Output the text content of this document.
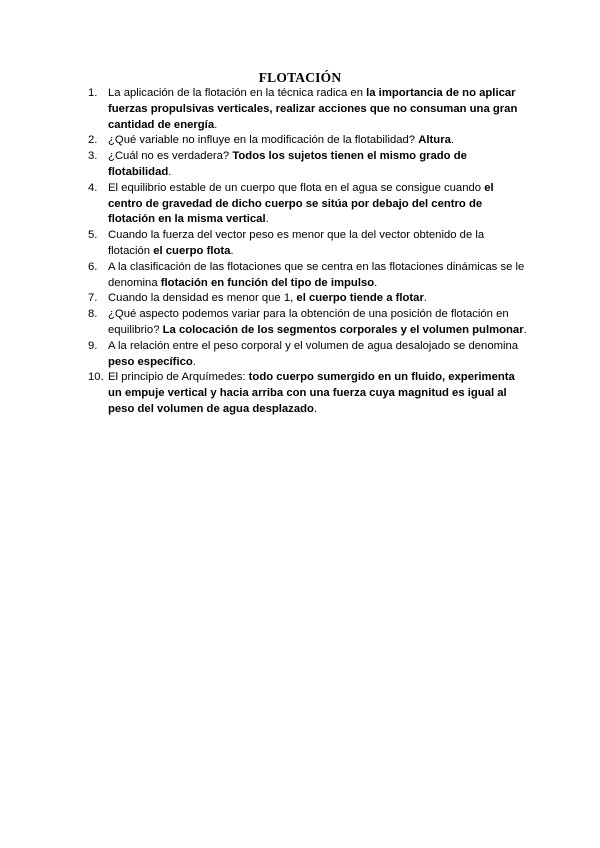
FLOTACIÓN
1. La aplicación de la flotación en la técnica radica en la importancia de no aplicar fuerzas propulsivas verticales, realizar acciones que no consuman una gran cantidad de energía.
2. ¿Qué variable no influye en la modificación de la flotabilidad? Altura.
3. ¿Cuál no es verdadera? Todos los sujetos tienen el mismo grado de flotabilidad.
4. El equilibrio estable de un cuerpo que flota en el agua se consigue cuando el centro de gravedad de dicho cuerpo se sitúa por debajo del centro de flotación en la misma vertical.
5. Cuando la fuerza del vector peso es menor que la del vector obtenido de la flotación el cuerpo flota.
6. A la clasificación de las flotaciones que se centra en las flotaciones dinámicas se le denomina flotación en función del tipo de impulso.
7. Cuando la densidad es menor que 1, el cuerpo tiende a flotar.
8. ¿Qué aspecto podemos variar para la obtención de una posición de flotación en equilibrio? La colocación de los segmentos corporales y el volumen pulmonar.
9. A la relación entre el peso corporal y el volumen de agua desalojado se denomina peso específico.
10. El principio de Arquímedes: todo cuerpo sumergido en un fluido, experimenta un empuje vertical y hacia arriba con una fuerza cuya magnitud es igual al peso del volumen de agua desplazado.
